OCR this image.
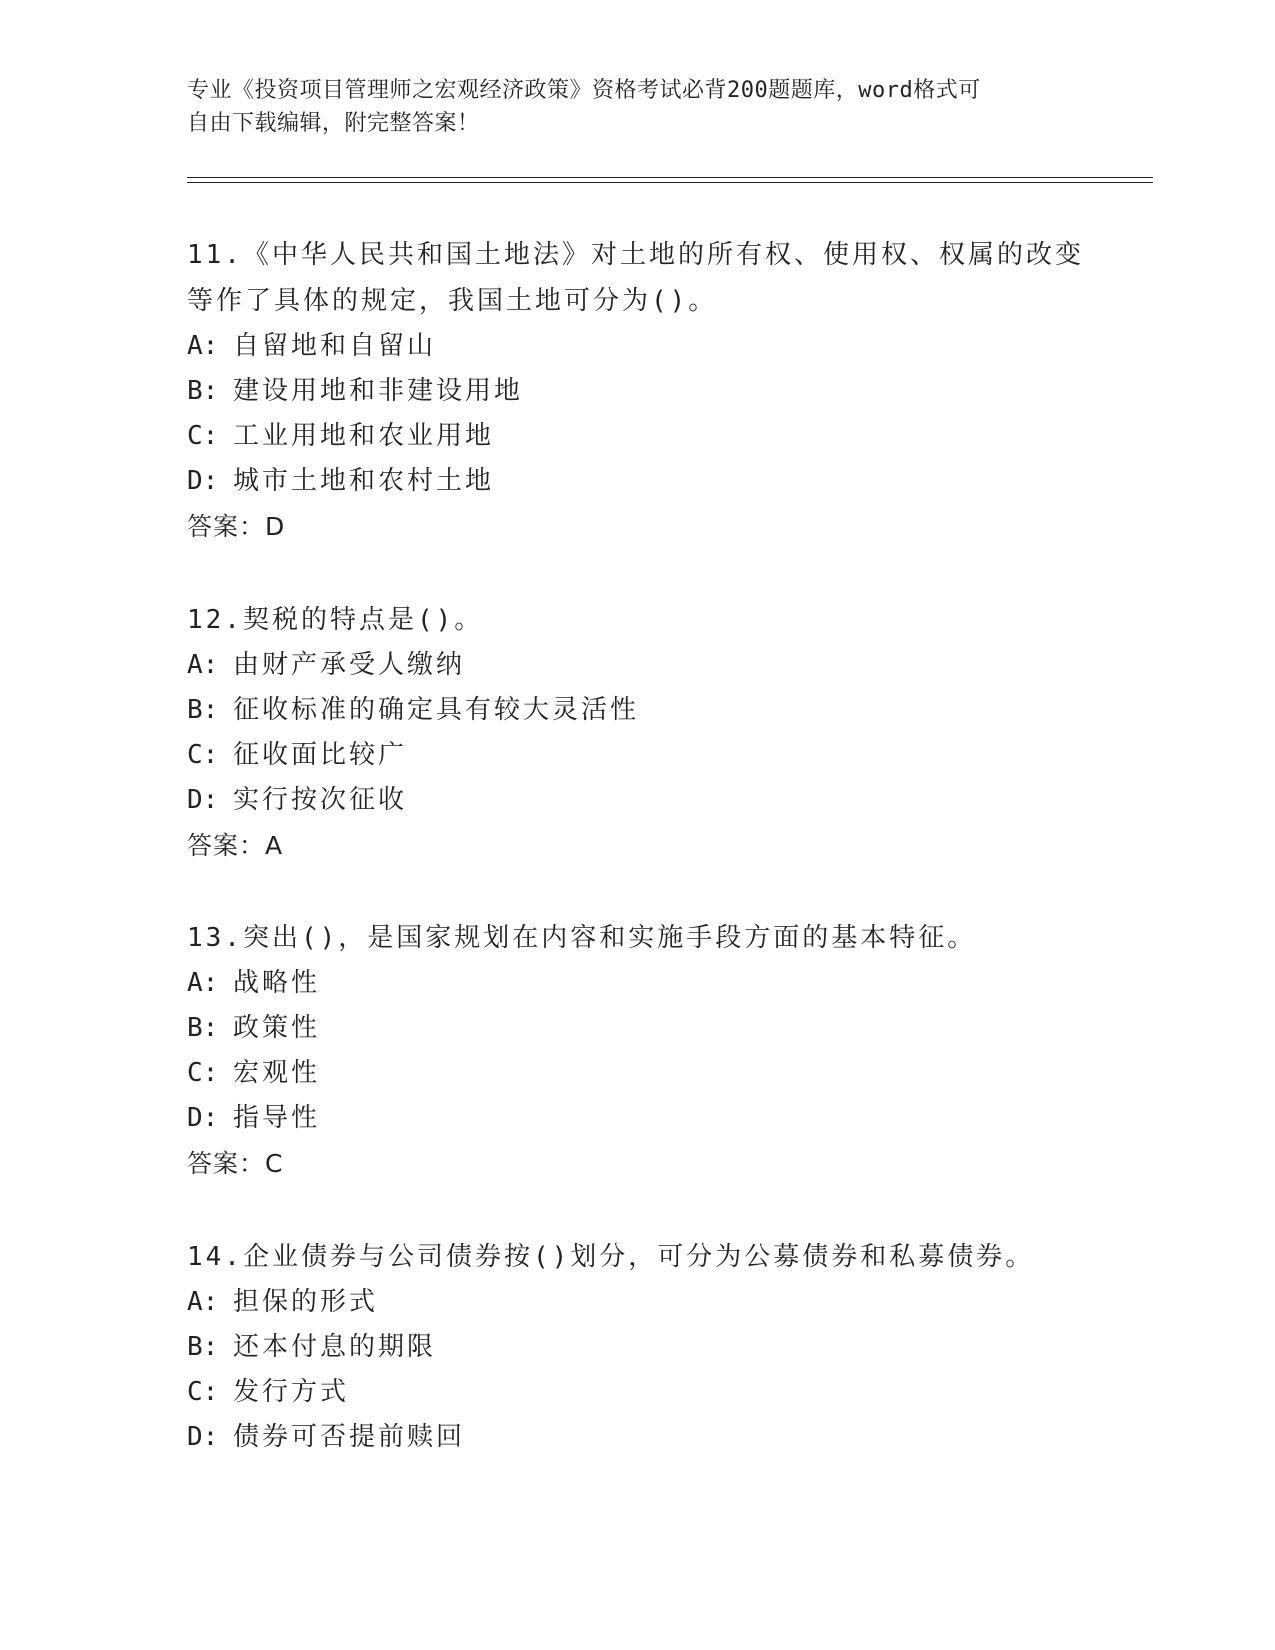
专业《投资项目管理师之宏观经济政策》资格考试必背200题题库，word格式可
自由下载编辑，附完整答案！

11.《中华人民共和国土地法》对土地的所有权、使用权、权属的改变

等作了具体的规定，我国土地可分为()。

A: 自留地和自留山

B: 建设用地和非建设用地

C: 工业用地和农业用地

D: 城市土地和农村土地

答案：D

12.契税的特点是()。

A: 由财产承受人缴纳

B: 征收标准的确定具有较大灵活性

C: 征收面比较广

D: 实行按次征收

答案：A

13.突出()，是国家规划在内容和实施手段方面的基本特征。

A: 战略性

B: 政策性

C: 宏观性

D: 指导性

答案：C

14.企业债券与公司债券按()划分，可分为公募债券和私募债券。

A: 担保的形式

B: 还本付息的期限

C: 发行方式

D: 债券可否提前赎回
